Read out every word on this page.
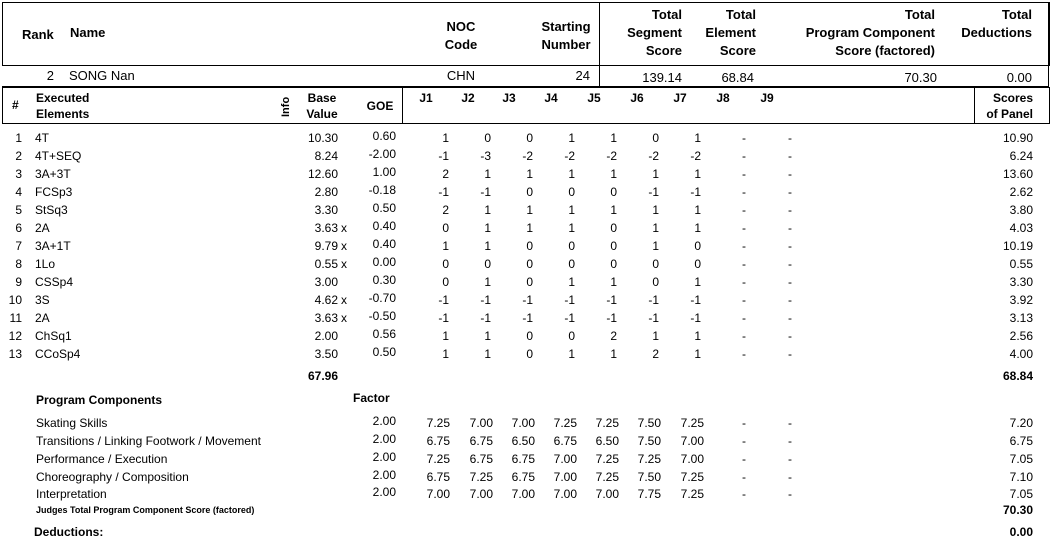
Rank Name	NOC
Code
Starting
Number
Total
Segment
Score
Total
Element
Score
Total
Program Component
Score (factored)
Total
Deductions
2 SONG Nan	CHN	24	139.14	68.84	70.30	0.00
# Executed
Elements	Info	Base
Value
GOE
J1	J2	J3	J4	J5	J6	J7	J8	J9	Scores
of Panel
1 4T	10.30	0.60	1	0	0	1	1	0	1	-	-	10.90
2 4T+SEQ	8.24	-2.00	-1	-3	-2	-2	-2	-2	-2	-	-	6.24
3 3A+3T	12.60	1.00	2	1	1	1	1	1	1	-	-	13.60
4 FCSp3	2.80	-0.18	-1	-1	0	0	0	-1	-1	-	-	2.62
5 StSq3	3.30	0.50	2	1	1	1	1	1	1	-	-	3.80
6 2A	3.63 x	0.40	0	1	1	1	0	1	1	-	-	4.03
7 3A+1T	9.79 x	0.40	1	1	0	0	0	1	0	-	-	10.19
8 1Lo	0.55 x	0.00	0	0	0	0	0	0	0	-	-	0.55
9 CSSp4	3.00	0.30	0	1	0	1	1	0	1	-	-	3.30
10 3S	4.62 x	-0.70	-1	-1	-1	-1	-1	-1	-1	-	-	3.92
11 2A	3.63 x	-0.50	-1	-1	-1	-1	-1	-1	-1	-	-	3.13
12 ChSq1	2.00	0.56	1	1	0	0	2	1	1	-	-	2.56
13 CCoSp4	3.50	0.50	1	1	0	1	1	2	1	-	-	4.00
67.96	68.84
Program Components	Factor
Skating Skills	2.00	7.25	7.00	7.00	7.25	7.25	7.50	7.25	-	-	7.20
Transitions / Linking Footwork / Movement	2.00	6.75	6.75	6.50	6.75	6.50	7.50	7.00	-	-	6.75
Performance / Execution	2.00	7.25	6.75	6.75	7.00	7.25	7.25	7.00	-	-	7.05
Choreography / Composition	2.00	6.75	7.25	6.75	7.00	7.25	7.50	7.25	-	-	7.10
Interpretation	2.00	7.00	7.00	7.00	7.00	7.00	7.75	7.25	-	-	7.05
Judges Total Program Component Score (factored)	70.30
Deductions:	0.00
